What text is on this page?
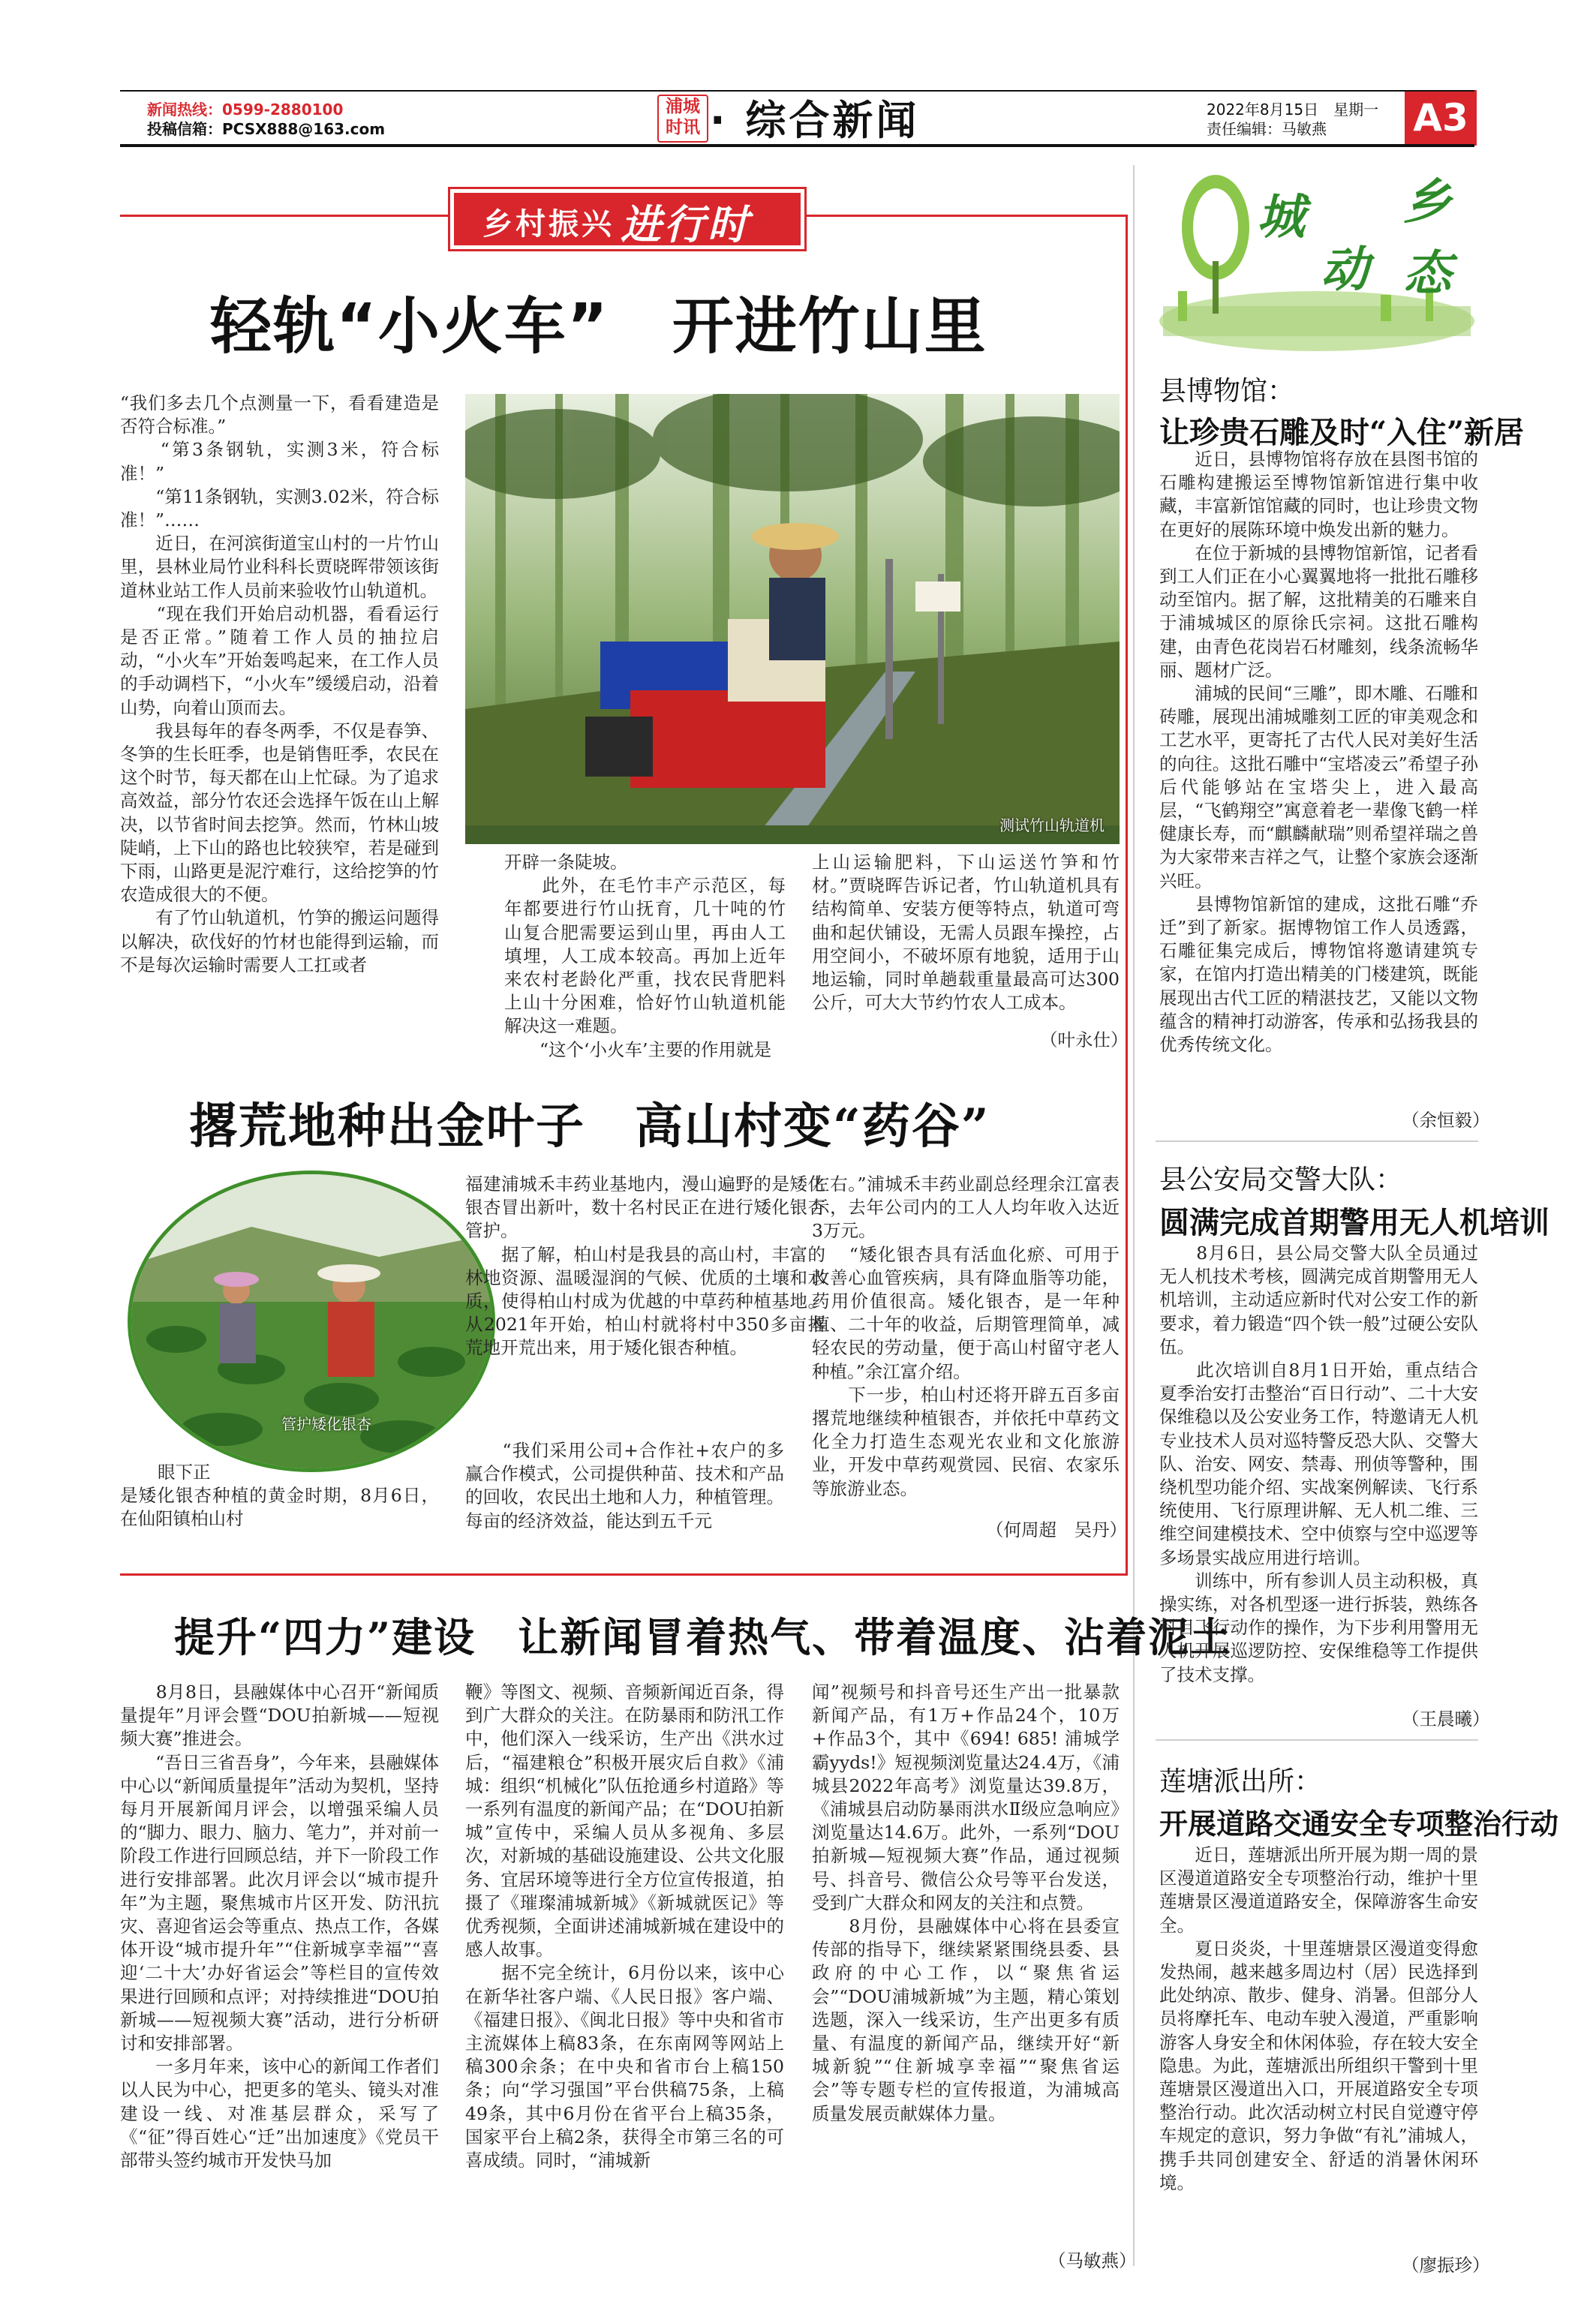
新闻热线：0599-2880100
投稿信箱：PCSX888@163.com
浦城
时讯 · 综合新闻	2022年8月15日　星期一
责任编辑：马敏燕 A3
乡村振兴 进行时
轻轨“小火车”　开进竹山里
“我们多去几个点测量一下，看看建造是否符合标准。”
　　“第3条钢轨，实测3米，符合标准！”
　　“第11条钢轨，实测3.02米，符合标准！”……
　　近日，在河滨街道宝山村的一片竹山里，县林业局竹业科科长贾晓晖带领该街道林业站工作人员前来验收竹山轨道机。
　　“现在我们开始启动机器，看看运行是否正常。”随着工作人员的抽拉启动，“小火车”开始轰鸣起来，在工作人员的手动调档下，“小火车”缓缓启动，沿着山势，向着山顶而去。
　　我县每年的春冬两季，不仅是春笋、冬笋的生长旺季，也是销售旺季，农民在这个时节，每天都在山上忙碌。为了追求高效益，部分竹农还会选择午饭在山上解决，以节省时间去挖笋。然而，竹林山坡陡峭，上下山的路也比较狭窄，若是碰到下雨，山路更是泥泞难行，这给挖笋的竹农造成很大的不便。
　　有了竹山轨道机，竹笋的搬运问题得以解决，砍伐好的竹材也能得到运输，而不是每次运输时需要人工扛或者
测试竹山轨道机
开辟一条陡坡。
　　此外，在毛竹丰产示范区，每年都要进行竹山抚育，几十吨的竹山复合肥需要运到山里，再由人工填埋，人工成本较高。再加上近年来农村老龄化严重，找农民背肥料上山十分困难，恰好竹山轨道机能解决这一难题。
　　“这个‘小火车’主要的作用就是
上山运输肥料，下山运送竹笋和竹材。”贾晓晖告诉记者，竹山轨道机具有结构简单、安装方便等特点，轨道可弯曲和起伏铺设，无需人员跟车操控，占用空间小，不破坏原有地貌，适用于山地运输，同时单趟载重量最高可达300公斤，可大大节约竹农人工成本。
（叶永仕）
撂荒地种出金叶子　高山村变“药谷”
管护矮化银杏
眼下正
是矮化银杏种植的黄金时期，8月6日，在仙阳镇柏山村
福建浦城禾丰药业基地内，漫山遍野的是矮化银杏冒出新叶，数十名村民正在进行矮化银杏管护。
　　据了解，柏山村是我县的高山村，丰富的林地资源、温暖湿润的气候、优质的土壤和水质，使得柏山村成为优越的中草药种植基地。从2021年开始，柏山村就将村中350多亩撂荒地开荒出来，用于矮化银杏种植。
　　“我们采用公司+合作社+农户的多赢合作模式，公司提供种苗、技术和产品的回收，农民出土地和人力，种植管理。每亩的经济效益，能达到五千元
左右。”浦城禾丰药业副总经理余江富表示，去年公司内的工人人均年收入达近3万元。
　　“矮化银杏具有活血化瘀、可用于改善心血管疾病，具有降血脂等功能，药用价值很高。矮化银杏，是一年种植、二十年的收益，后期管理简单，减轻农民的劳动量，便于高山村留守老人种植。”余江富介绍。
　　下一步，柏山村还将开辟五百多亩撂荒地继续种植银杏，并依托中草药文化全力打造生态观光农业和文化旅游业，开发中草药观赏园、民宿、农家乐等旅游业态。
（何周超　吴丹）
提升“四力”建设　让新闻冒着热气、带着温度、沾着泥土
　　8月8日，县融媒体中心召开“新闻质量提年”月评会暨“DOU拍新城——短视频大赛”推进会。
　　“吾日三省吾身”，今年来，县融媒体中心以“新闻质量提年”活动为契机，坚持每月开展新闻月评会，以增强采编人员的“脚力、眼力、脑力、笔力”，并对前一阶段工作进行回顾总结，并下一阶段工作进行安排部署。此次月评会以“城市提升年”为主题，聚焦城市片区开发、防汛抗灾、喜迎省运会等重点、热点工作，各媒体开设“城市提升年”“住新城享幸福”“喜迎‘二十大’办好省运会”等栏目的宣传效果进行回顾和点评；对持续推进“DOU拍新城——短视频大赛”活动，进行分析研讨和安排部署。
　　一多月年来，该中心的新闻工作者们以人民为中心，把更多的笔头、镜头对准建设一线、对准基层群众，采写了《“征”得百姓心“迁”出加速度》《党员干部带头签约城市开发快马加
鞭》等图文、视频、音频新闻近百条，得到广大群众的关注。在防暴雨和防汛工作中，他们深入一线采访，生产出《洪水过后，“福建粮仓”积极开展灾后自救》《浦城：组织“机械化”队伍抢通乡村道路》等一系列有温度的新闻产品；在“DOU拍新城”宣传中，采编人员从多视角、多层次，对新城的基础设施建设、公共文化服务、宜居环境等进行全方位宣传报道，拍摄了《璀璨浦城新城》《新城就医记》等优秀视频，全面讲述浦城新城在建设中的感人故事。
　　据不完全统计，6月份以来，该中心在新华社客户端、《人民日报》客户端、《福建日报》、《闽北日报》等中央和省市主流媒体上稿83条，在东南网等网站上稿300余条；在中央和省市台上稿150条；向“学习强国”平台供稿75条，上稿49条，其中6月份在省平台上稿35条，国家平台上稿2条，获得全市第三名的可喜成绩。同时，“浦城新
闻”视频号和抖音号还生产出一批暴款新闻产品，有1万+作品24个，10万+作品3个，其中《694! 685! 浦城学霸yyds!》短视频浏览量达24.4万，《浦城县2022年高考》浏览量达39.8万，《浦城县启动防暴雨洪水Ⅱ级应急响应》浏览量达14.6万。此外，一系列“DOU拍新城—短视频大赛”作品，通过视频号、抖音号、微信公众号等平台发送，受到广大群众和网友的关注和点赞。
　　8月份，县融媒体中心将在县委宣传部的指导下，继续紧紧围绕县委、县政府的中心工作，以“聚焦省运会”“DOU浦城新城”为主题，精心策划选题，深入一线采访，生产出更多有质量、有温度的新闻产品，继续开好“新城新貌”“住新城享幸福”“聚焦省运会”等专题专栏的宣传报道，为浦城高质量发展贡献媒体力量。
（马敏燕）
城 乡
动 态
县博物馆：
让珍贵石雕及时“入住”新居
　　近日，县博物馆将存放在县图书馆的石雕构建搬运至博物馆新馆进行集中收藏，丰富新馆馆藏的同时，也让珍贵文物在更好的展陈环境中焕发出新的魅力。
　　在位于新城的县博物馆新馆，记者看到工人们正在小心翼翼地将一批批石雕移动至馆内。据了解，这批精美的石雕来自于浦城城区的原徐氏宗祠。这批石雕构建，由青色花岗岩石材雕刻，线条流畅华丽、题材广泛。
　　浦城的民间“三雕”，即木雕、石雕和砖雕，展现出浦城雕刻工匠的审美观念和工艺水平，更寄托了古代人民对美好生活的向往。这批石雕中“宝塔凌云”希望子孙后代能够站在宝塔尖上，进入最高层，“飞鹤翔空”寓意着老一辈像飞鹤一样健康长寿，而“麒麟献瑞”则希望祥瑞之兽为大家带来吉祥之气，让整个家族会逐渐兴旺。
　　县博物馆新馆的建成，这批石雕“乔迁”到了新家。据博物馆工作人员透露，石雕征集完成后，博物馆将邀请建筑专家，在馆内打造出精美的门楼建筑，既能展现出古代工匠的精湛技艺，又能以文物蕴含的精神打动游客，传承和弘扬我县的优秀传统文化。
（余恒毅）
县公安局交警大队：
圆满完成首期警用无人机培训
　　8月6日，县公局交警大队全员通过无人机技术考核，圆满完成首期警用无人机培训，主动适应新时代对公安工作的新要求，着力锻造“四个铁一般”过硬公安队伍。
　　此次培训自8月1日开始，重点结合夏季治安打击整治“百日行动”、二十大安保维稳以及公安业务工作，特邀请无人机专业技术人员对巡特警反恐大队、交警大队、治安、网安、禁毒、刑侦等警种，围绕机型功能介绍、实战案例解读、飞行系统使用、飞行原理讲解、无人机二维、三维空间建模技术、空中侦察与空中巡逻等多场景实战应用进行培训。
　　训练中，所有参训人员主动积极，真操实练，对各机型逐一进行拆装，熟练各科目飞行动作的操作，为下步利用警用无人机开展巡逻防控、安保维稳等工作提供了技术支撑。
（王晨曦）
莲塘派出所：
开展道路交通安全专项整治行动
　　近日，莲塘派出所开展为期一周的景区漫道道路安全专项整治行动，维护十里莲塘景区漫道道路安全，保障游客生命安全。
　　夏日炎炎，十里莲塘景区漫道变得愈发热闹，越来越多周边村（居）民选择到此处纳凉、散步、健身、消暑。但部分人员将摩托车、电动车驶入漫道，严重影响游客人身安全和休闲体验，存在较大安全隐患。为此，莲塘派出所组织干警到十里莲塘景区漫道出入口，开展道路安全专项整治行动。此次活动树立村民自觉遵守停车规定的意识，努力争做“有礼”浦城人，携手共同创建安全、舒适的消暑休闲环境。
（廖振珍）
